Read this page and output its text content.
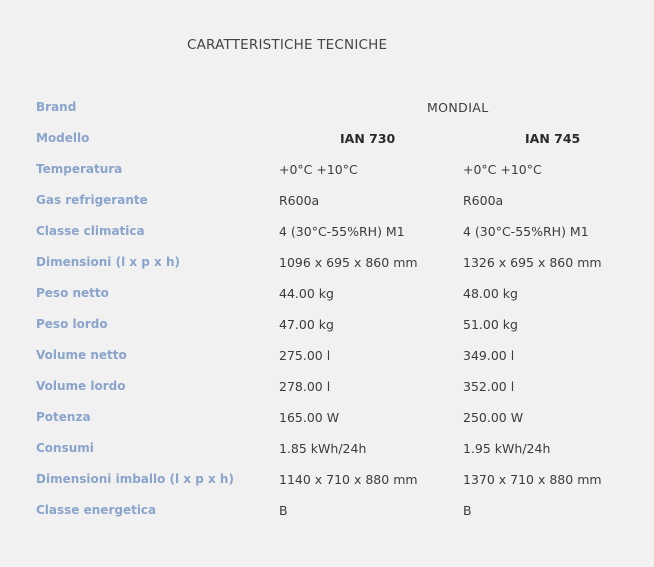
CARATTERISTICHE TECNICHE
Brand	MONDIAL
Modello	IAN 730	IAN 745
Temperatura	+0°C +10°C	+0°C +10°C
Gas refrigerante	R600a	R600a
Classe climatica	4 (30°C-55%RH) M1	4 (30°C-55%RH) M1
Dimensioni (l x p x h)	1096 x 695 x 860 mm	1326 x 695 x 860 mm
Peso netto	44.00 kg	48.00 kg
Peso lordo	47.00 kg	51.00 kg
Volume netto	275.00 l	349.00 l
Volume lordo	278.00 l	352.00 l
Potenza	165.00 W	250.00 W
Consumi	1.85 kWh/24h	1.95 kWh/24h
Dimensioni imballo (l x p x h)	1140 x 710 x 880 mm	1370 x 710 x 880 mm
Classe energetica	B	B
